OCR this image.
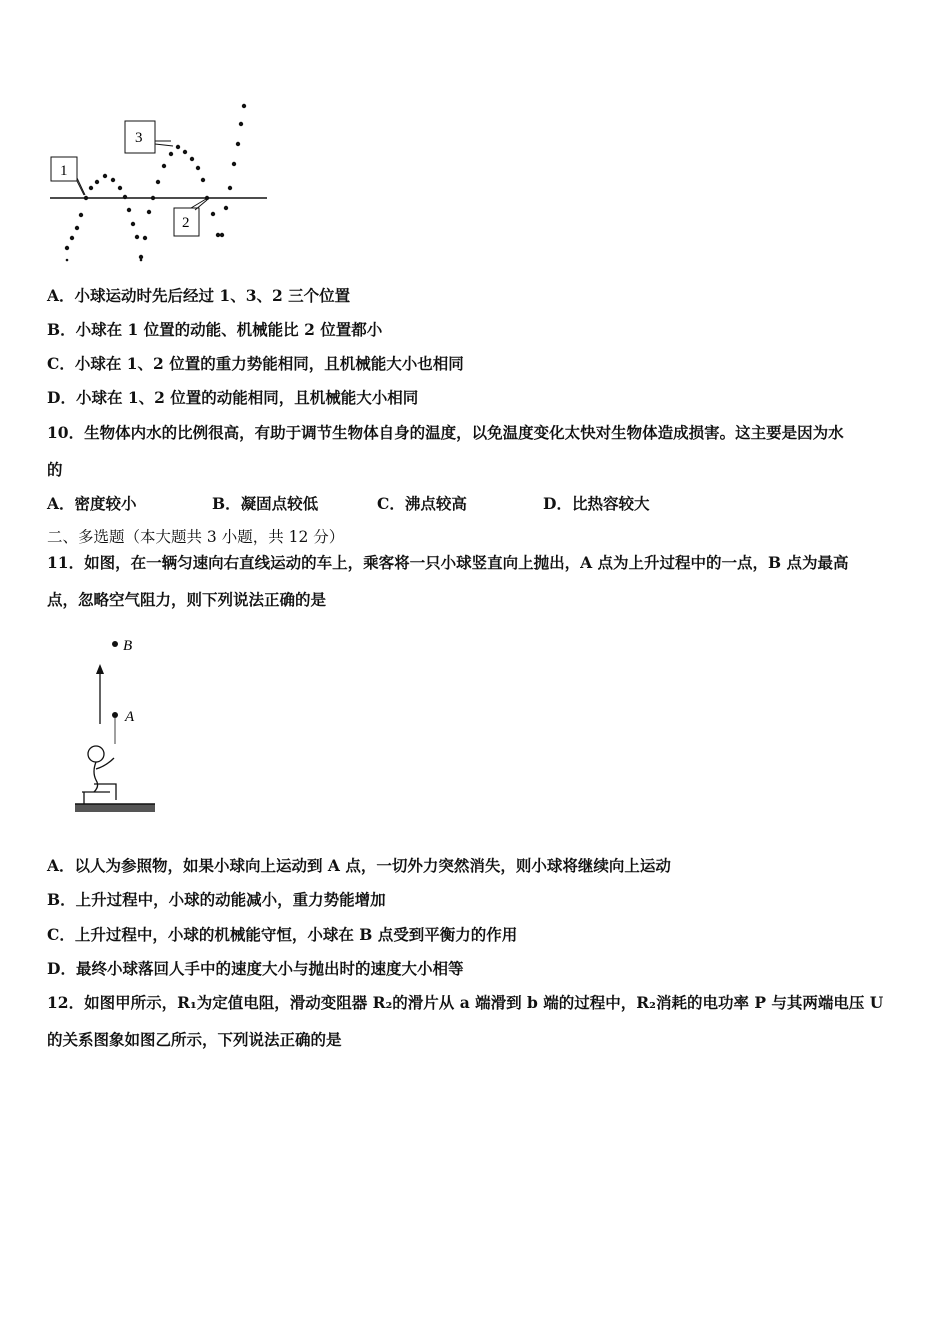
1
3
2
A．小球运动时先后经过 1、3、2 三个位置
B．小球在 1 位置的动能、机械能比 2 位置都小
C．小球在 1、2 位置的重力势能相同，且机械能大小也相同
D．小球在 1、2 位置的动能相同，且机械能大小相同
10．生物体内水的比例很高，有助于调节生物体自身的温度，以免温度变化太快对生物体造成损害。这主要是因为水
的
A．密度较小	B．凝固点较低	C．沸点较高	D．比热容较大
二、多选题（本大题共 3 小题，共 12 分）
11．如图，在一辆匀速向右直线运动的车上，乘客将一只小球竖直向上抛出，A 点为上升过程中的一点，B 点为最高
点，忽略空气阻力，则下列说法正确的是
B
A
A．以人为参照物，如果小球向上运动到 A 点，一切外力突然消失，则小球将继续向上运动
B．上升过程中，小球的动能减小，重力势能增加
C．上升过程中，小球的机械能守恒，小球在 B 点受到平衡力的作用
D．最终小球落回人手中的速度大小与抛出时的速度大小相等
12．如图甲所示，R₁为定值电阻，滑动变阻器 R₂的滑片从 a 端滑到 b 端的过程中，R₂消耗的电功率 P 与其两端电压 U
的关系图象如图乙所示，下列说法正确的是
